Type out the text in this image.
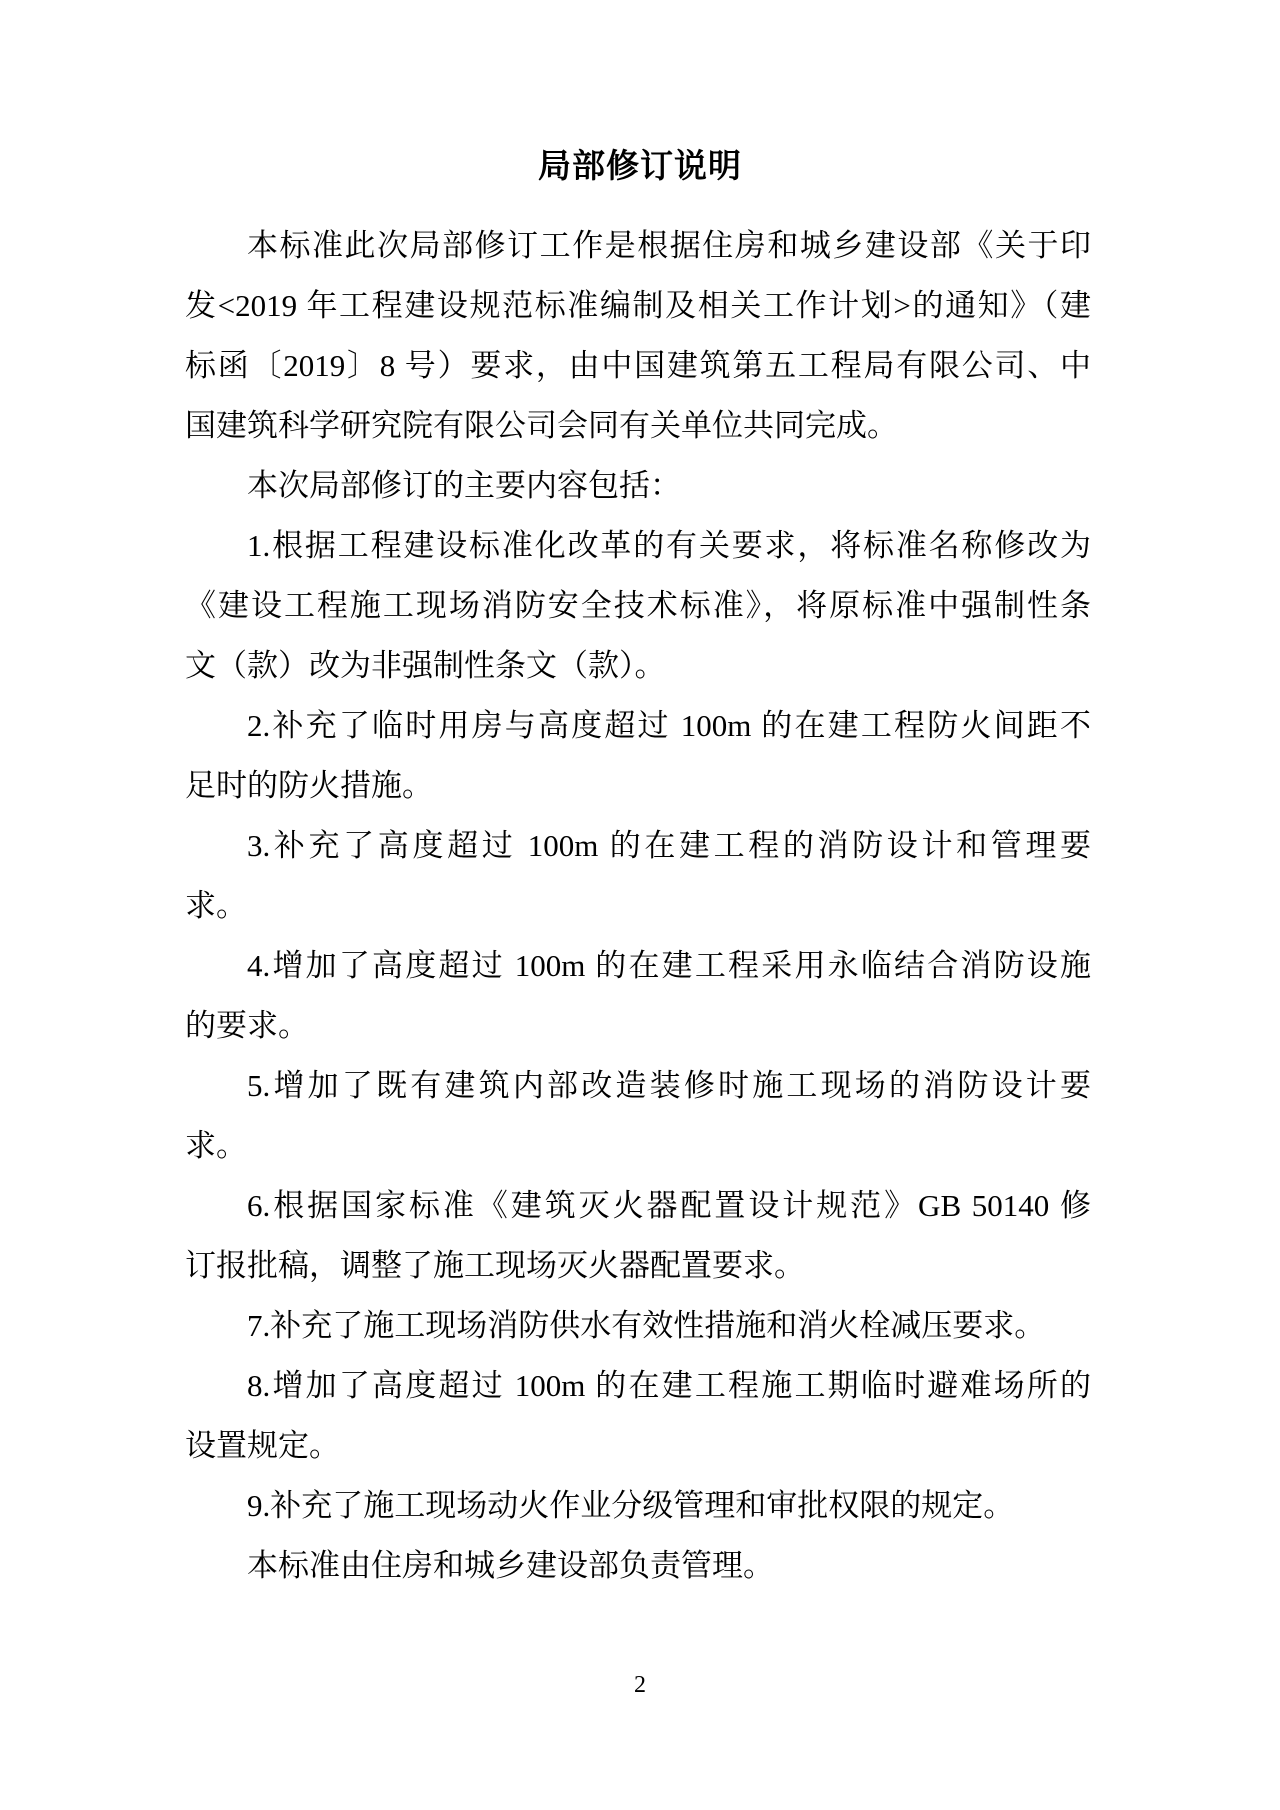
局部修订说明
本标准此次局部修订工作是根据住房和城乡建设部《关于印
发<2019 年工程建设规范标准编制及相关工作计划>的通知》（建
标函〔2019〕8 号）要求，由中国建筑第五工程局有限公司、中
国建筑科学研究院有限公司会同有关单位共同完成。
本次局部修订的主要内容包括：
1.根据工程建设标准化改革的有关要求，将标准名称修改为
《建设工程施工现场消防安全技术标准》，将原标准中强制性条
文（款）改为非强制性条文（款）。
2.补充了临时用房与高度超过 100m 的在建工程防火间距不
足时的防火措施。
3.补充了高度超过 100m 的在建工程的消防设计和管理要
求。
4.增加了高度超过 100m 的在建工程采用永临结合消防设施
的要求。
5.增加了既有建筑内部改造装修时施工现场的消防设计要
求。
6.根据国家标准《建筑灭火器配置设计规范》GB 50140 修
订报批稿，调整了施工现场灭火器配置要求。
7.补充了施工现场消防供水有效性措施和消火栓减压要求。
8.增加了高度超过 100m 的在建工程施工期临时避难场所的
设置规定。
9.补充了施工现场动火作业分级管理和审批权限的规定。
本标准由住房和城乡建设部负责管理。
2
